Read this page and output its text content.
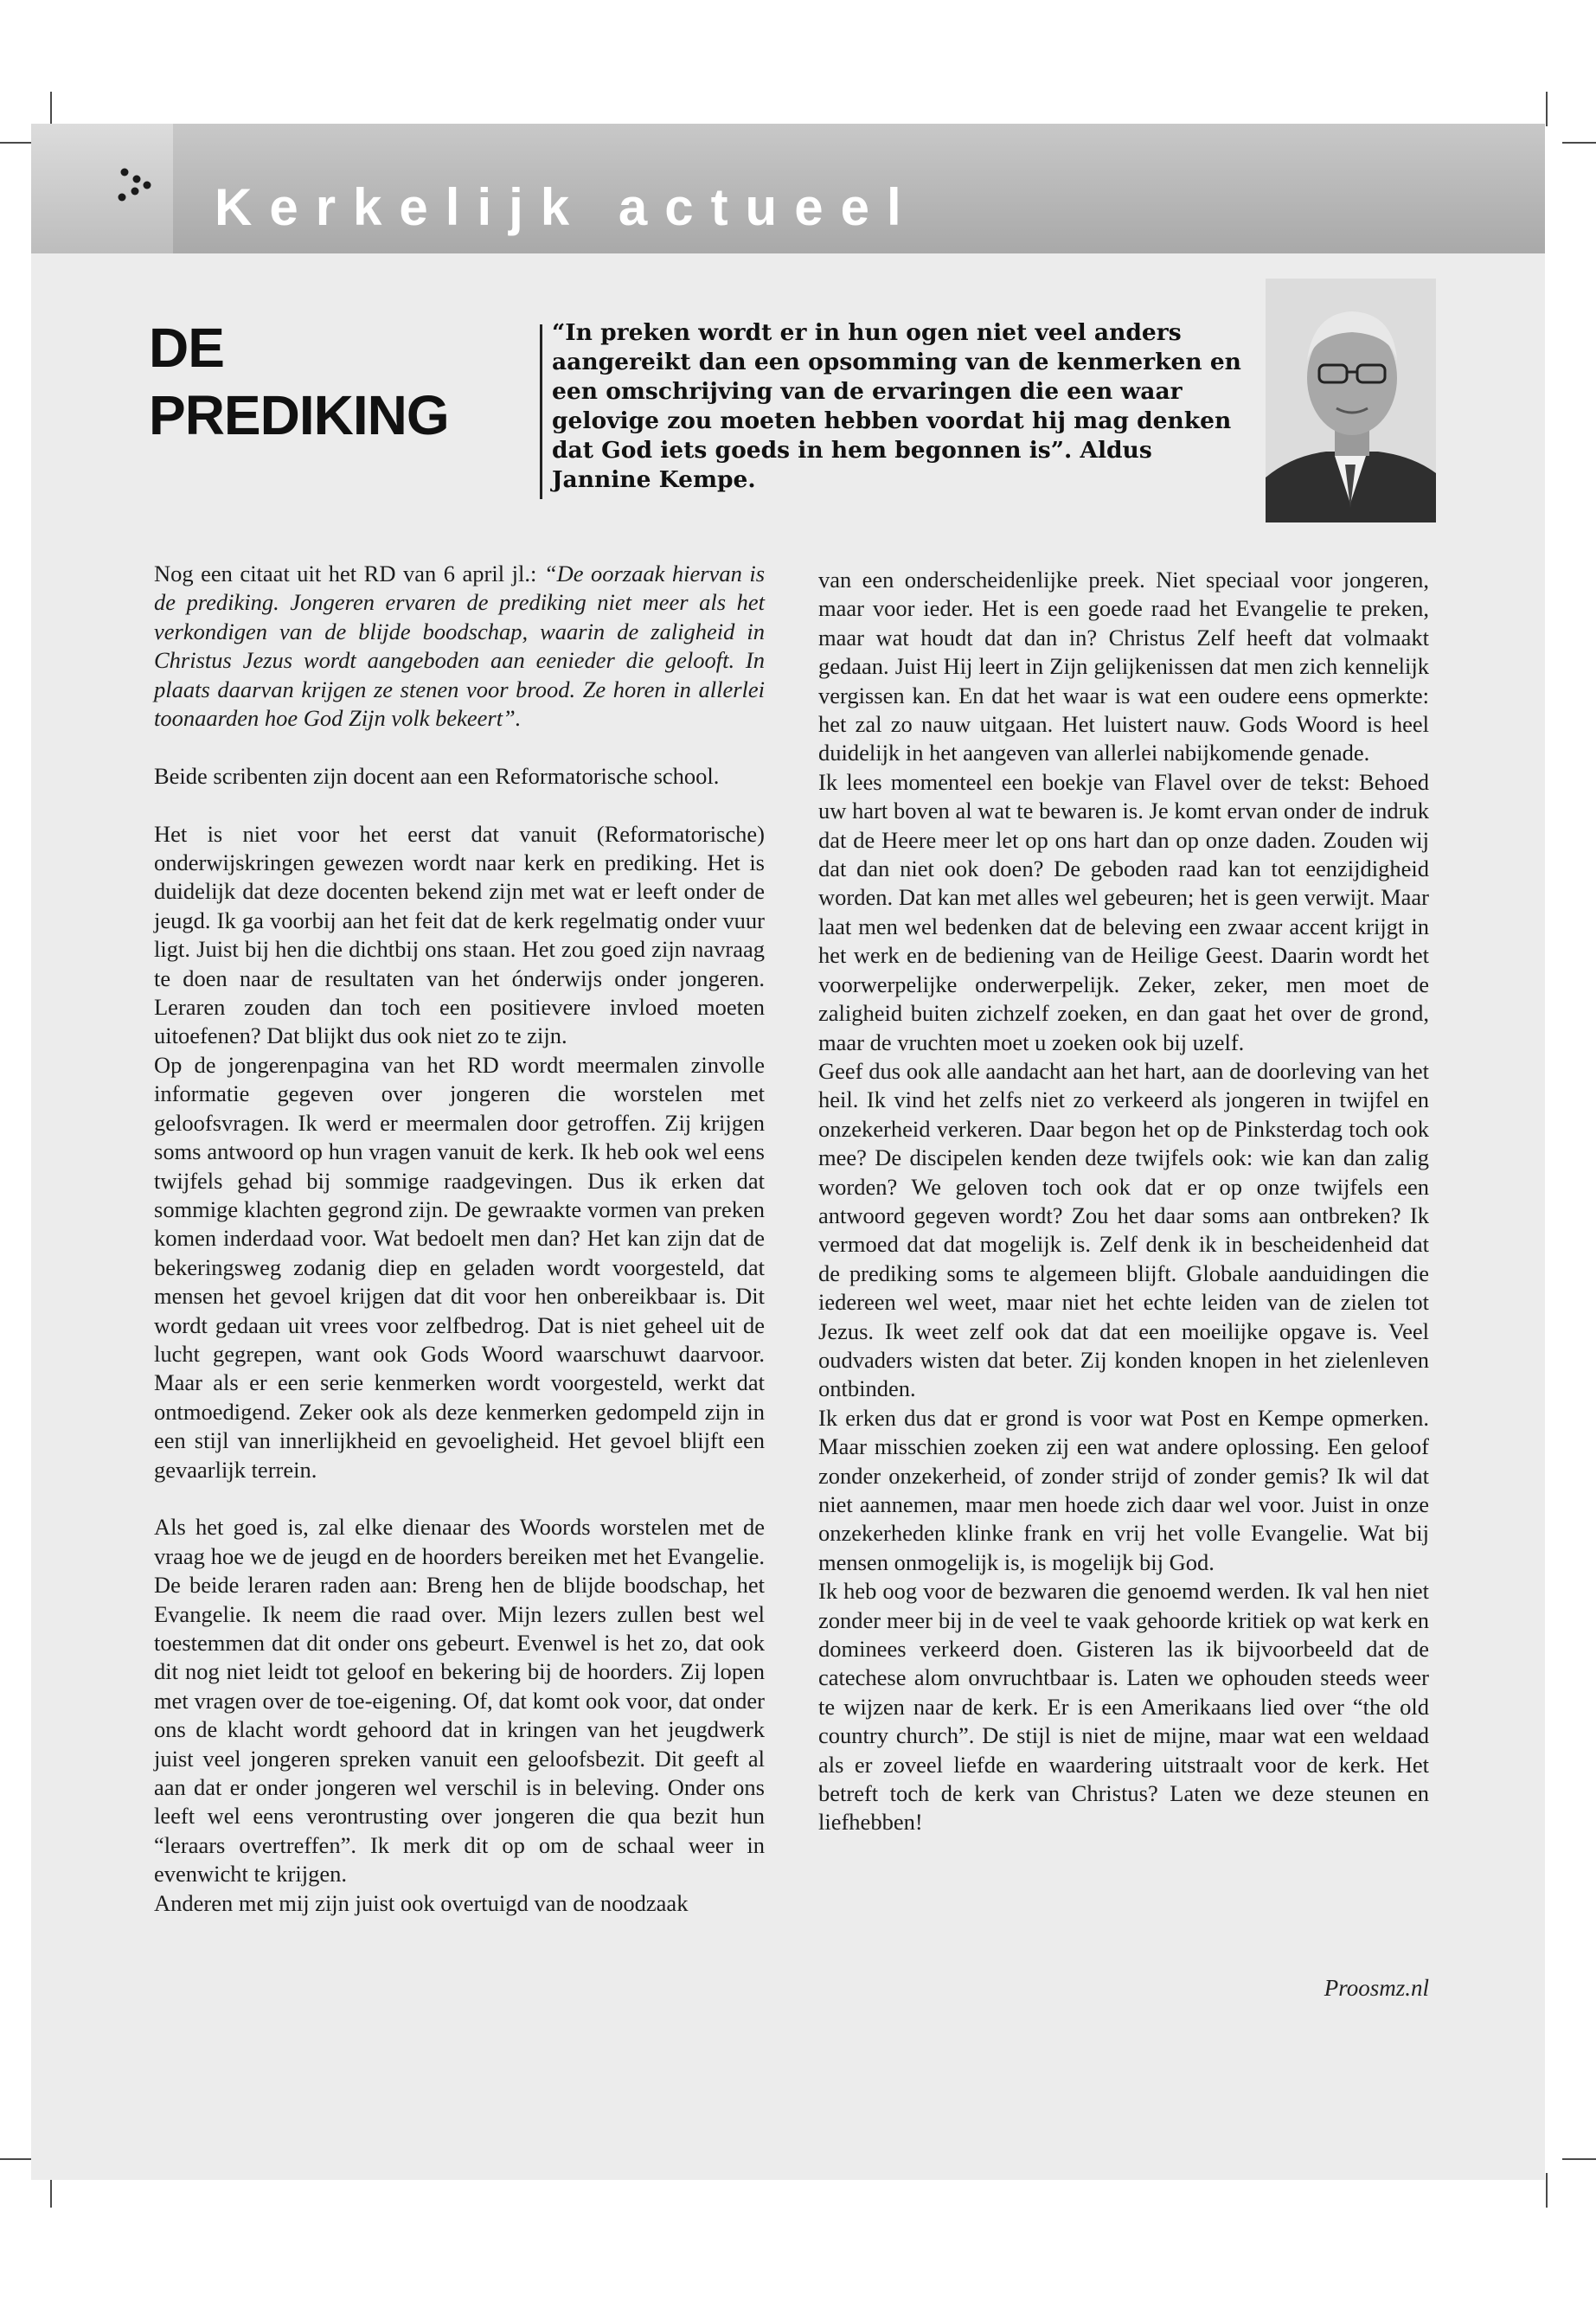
Kerkelijk actueel
DE
PREDIKING
“In preken wordt er in hun ogen niet veel anders aangereikt dan een opsomming van de kenmerken en een omschrijving van de ervaringen die een waar gelovige zou moeten hebben voordat hij mag denken dat God iets goeds in hem begonnen is”. Aldus Jannine Kempe.

Nog een citaat uit het RD van 6 april jl.: “De oorzaak hiervan is de prediking. Jongeren ervaren de prediking niet meer als het verkondigen van de blijde boodschap, waarin de zaligheid in Christus Jezus wordt aangeboden aan eenieder die gelooft. In plaats daarvan krijgen ze stenen voor brood. Ze horen in allerlei toonaarden hoe God Zijn volk bekeert”.

Beide scribenten zijn docent aan een Reformatorische school.

Het is niet voor het eerst dat vanuit (Reformatorische) onderwijskringen gewezen wordt naar kerk en prediking. Het is duidelijk dat deze docenten bekend zijn met wat er leeft onder de jeugd. Ik ga voorbij aan het feit dat de kerk regelmatig onder vuur ligt. Juist bij hen die dichtbij ons staan. Het zou goed zijn navraag te doen naar de resultaten van het ónderwijs onder jongeren. Leraren zouden dan toch een positievere invloed moeten uitoefenen? Dat blijkt dus ook niet zo te zijn.

Op de jongerenpagina van het RD wordt meermalen zinvolle informatie gegeven over jongeren die worstelen met geloofsvragen. Ik werd er meermalen door getroffen. Zij krijgen soms antwoord op hun vragen vanuit de kerk. Ik heb ook wel eens twijfels gehad bij sommige raadgevingen. Dus ik erken dat sommige klachten gegrond zijn. De gewraakte vormen van preken komen inderdaad voor. Wat bedoelt men dan? Het kan zijn dat de bekeringsweg zodanig diep en geladen wordt voorgesteld, dat mensen het gevoel krijgen dat dit voor hen onbereikbaar is. Dit wordt gedaan uit vrees voor zelfbedrog. Dat is niet geheel uit de lucht gegrepen, want ook Gods Woord waarschuwt daarvoor. Maar als er een serie kenmerken wordt voorgesteld, werkt dat ontmoedigend. Zeker ook als deze kenmerken gedompeld zijn in een stijl van innerlijkheid en gevoeligheid. Het gevoel blijft een gevaarlijk terrein.

Als het goed is, zal elke dienaar des Woords worstelen met de vraag hoe we de jeugd en de hoorders bereiken met het Evangelie. De beide leraren raden aan: Breng hen de blijde boodschap, het Evangelie. Ik neem die raad over. Mijn lezers zullen best wel toestemmen dat dit onder ons gebeurt. Evenwel is het zo, dat ook dit nog niet leidt tot geloof en bekering bij de hoorders. Zij lopen met vragen over de toe-eigening. Of, dat komt ook voor, dat onder ons de klacht wordt gehoord dat in kringen van het jeugdwerk juist veel jongeren spreken vanuit een geloofsbezit. Dit geeft al aan dat er onder jongeren wel verschil is in beleving. Onder ons leeft wel eens verontrusting over jongeren die qua bezit hun “leraars overtreffen”. Ik merk dit op om de schaal weer in evenwicht te krijgen.

Anderen met mij zijn juist ook overtuigd van de noodzaak

van een onderscheidenlijke preek. Niet speciaal voor jongeren, maar voor ieder. Het is een goede raad het Evangelie te preken, maar wat houdt dat dan in? Christus Zelf heeft dat volmaakt gedaan. Juist Hij leert in Zijn gelijkenissen dat men zich kennelijk vergissen kan. En dat het waar is wat een oudere eens opmerkte: het zal zo nauw uitgaan. Het luistert nauw. Gods Woord is heel duidelijk in het aangeven van allerlei nabijkomende genade.

Ik lees momenteel een boekje van Flavel over de tekst: Behoed uw hart boven al wat te bewaren is. Je komt ervan onder de indruk dat de Heere meer let op ons hart dan op onze daden. Zouden wij dat dan niet ook doen? De geboden raad kan tot eenzijdigheid worden. Dat kan met alles wel gebeuren; het is geen verwijt. Maar laat men wel bedenken dat de beleving een zwaar accent krijgt in het werk en de bediening van de Heilige Geest. Daarin wordt het voorwerpelijke onderwerpelijk. Zeker, zeker, men moet de zaligheid buiten zichzelf zoeken, en dan gaat het over de grond, maar de vruchten moet u zoeken ook bij uzelf.

Geef dus ook alle aandacht aan het hart, aan de doorleving van het heil. Ik vind het zelfs niet zo verkeerd als jongeren in twijfel en onzekerheid verkeren. Daar begon het op de Pinksterdag toch ook mee? De discipelen kenden deze twijfels ook: wie kan dan zalig worden? We geloven toch ook dat er op onze twijfels een antwoord gegeven wordt? Zou het daar soms aan ontbreken? Ik vermoed dat dat mogelijk is. Zelf denk ik in bescheidenheid dat de prediking soms te algemeen blijft. Globale aanduidingen die iedereen wel weet, maar niet het echte leiden van de zielen tot Jezus. Ik weet zelf ook dat dat een moeilijke opgave is. Veel oudvaders wisten dat beter. Zij konden knopen in het zielenleven ontbinden.

Ik erken dus dat er grond is voor wat Post en Kempe opmerken. Maar misschien zoeken zij een wat andere oplossing. Een geloof zonder onzekerheid, of zonder strijd of zonder gemis? Ik wil dat niet aannemen, maar men hoede zich daar wel voor. Juist in onze onzekerheden klinke frank en vrij het volle Evangelie. Wat bij mensen onmogelijk is, is mogelijk bij God.

Ik heb oog voor de bezwaren die genoemd werden. Ik val hen niet zonder meer bij in de veel te vaak gehoorde kritiek op wat kerk en dominees verkeerd doen. Gisteren las ik bijvoorbeeld dat de catechese alom onvruchtbaar is. Laten we ophouden steeds weer te wijzen naar de kerk. Er is een Amerikaans lied over “the old country church”. De stijl is niet de mijne, maar wat een weldaad als er zoveel liefde en waardering uitstraalt voor de kerk. Het betreft toch de kerk van Christus? Laten we deze steunen en liefhebben!

Proosmz.nl
